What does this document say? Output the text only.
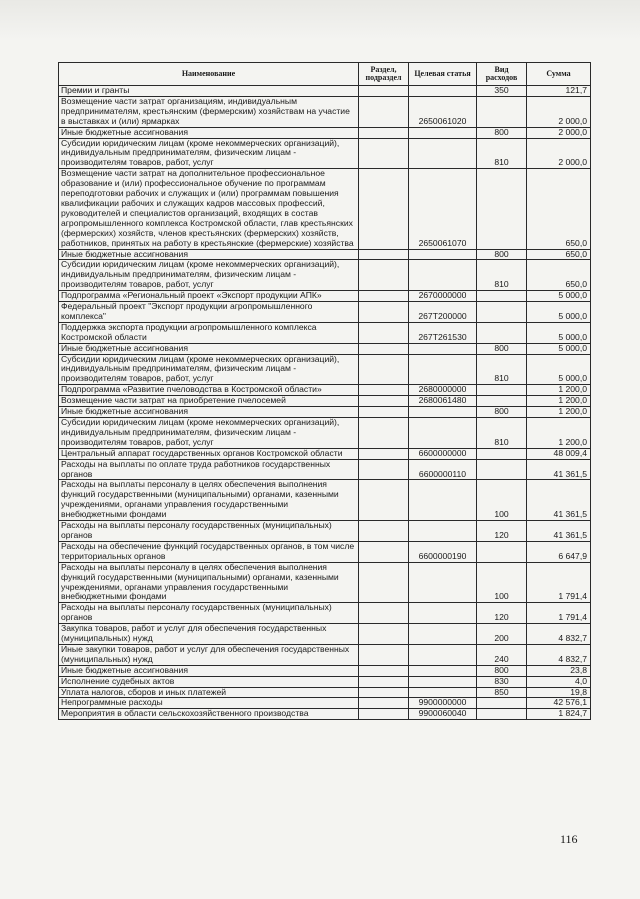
Наименование	Раздел, подраздел	Целевая статья	Вид расходов	Сумма
Премии и гранты			350	121,7
Возмещение части затрат организациям, индивидуальным предпринимателям, крестьянским (фермерским) хозяйствам на участие в выставках и (или) ярмарках		2650061020		2 000,0
Иные бюджетные ассигнования			800	2 000,0
Субсидии юридическим лицам (кроме некоммерческих организаций), индивидуальным предпринимателям, физическим лицам - производителям товаров, работ, услуг			810	2 000,0
Возмещение части затрат на дополнительное профессиональное образование и (или) профессиональное обучение по программам переподготовки рабочих и служащих и (или) программам повышения квалификации рабочих и служащих кадров массовых профессий, руководителей и специалистов организаций, входящих в состав агропромышленного комплекса Костромской области, глав крестьянских (фермерских) хозяйств, членов крестьянских (фермерских) хозяйств, работников, принятых на работу в крестьянские (фермерские) хозяйства		2650061070		650,0
Иные бюджетные ассигнования			800	650,0
Субсидии юридическим лицам (кроме некоммерческих организаций), индивидуальным предпринимателям, физическим лицам - производителям товаров, работ, услуг			810	650,0
Подпрограмма «Региональный проект «Экспорт продукции АПК»		2670000000		5 000,0
Федеральный проект "Экспорт продукции агропромышленного комплекса"		267Т200000		5 000,0
Поддержка экспорта продукции агропромышленного комплекса Костромской области		267Т261530		5 000,0
Иные бюджетные ассигнования			800	5 000,0
Субсидии юридическим лицам (кроме некоммерческих организаций), индивидуальным предпринимателям, физическим лицам - производителям товаров, работ, услуг			810	5 000,0
Подпрограмма «Развитие пчеловодства в Костромской области»		2680000000		1 200,0
Возмещение части затрат на приобретение пчелосемей		2680061480		1 200,0
Иные бюджетные ассигнования			800	1 200,0
Субсидии юридическим лицам (кроме некоммерческих организаций), индивидуальным предпринимателям, физическим лицам - производителям товаров, работ, услуг			810	1 200,0
Центральный аппарат государственных органов Костромской области		6600000000		48 009,4
Расходы на выплаты по оплате труда работников государственных органов		6600000110		41 361,5
Расходы на выплаты персоналу в целях обеспечения выполнения функций государственными (муниципальными) органами, казенными учреждениями, органами управления государственными внебюджетными фондами			100	41 361,5
Расходы на выплаты персоналу государственных (муниципальных) органов			120	41 361,5
Расходы на обеспечение функций государственных органов, в том числе территориальных органов		6600000190		6 647,9
Расходы на выплаты персоналу в целях обеспечения выполнения функций государственными (муниципальными) органами, казенными учреждениями, органами управления государственными внебюджетными фондами			100	1 791,4
Расходы на выплаты персоналу государственных (муниципальных) органов			120	1 791,4
Закупка товаров, работ и услуг для обеспечения государственных (муниципальных) нужд			200	4 832,7
Иные закупки товаров, работ и услуг для обеспечения государственных (муниципальных) нужд			240	4 832,7
Иные бюджетные ассигнования			800	23,8
Исполнение судебных актов			830	4,0
Уплата налогов, сборов и иных платежей			850	19,8
Непрограммные расходы		9900000000		42 576,1
Мероприятия в области сельскохозяйственного производства		9900060040		1 824,7
116
